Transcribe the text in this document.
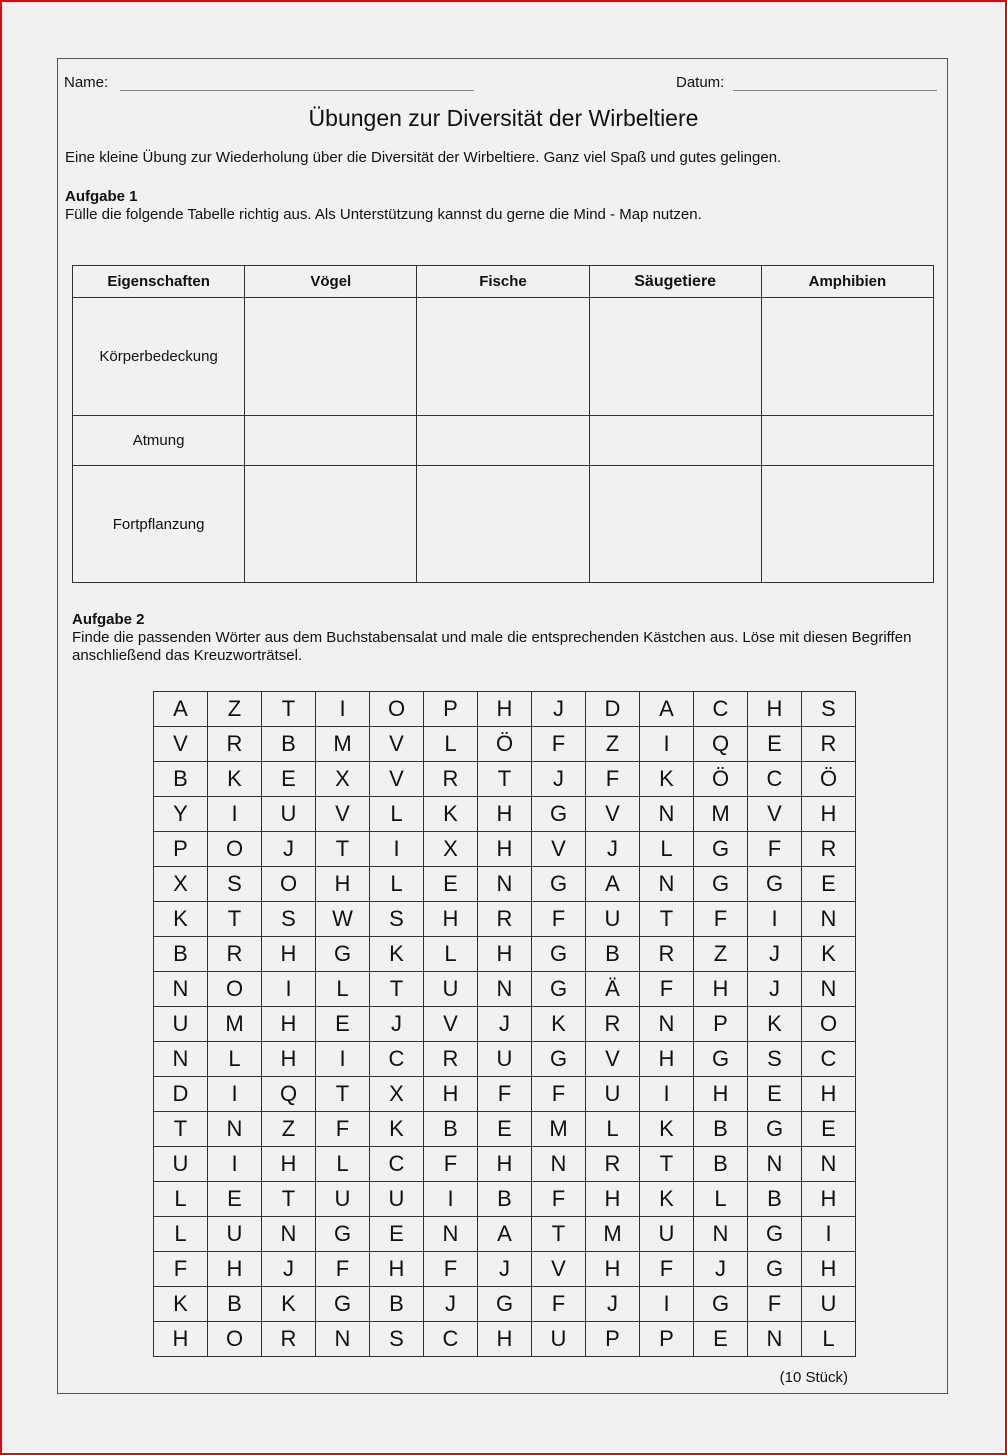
Name:	Datum:
Übungen zur Diversität der Wirbeltiere
Eine kleine Übung zur Wiederholung über die Diversität der Wirbeltiere. Ganz viel Spaß und gutes gelingen.
Aufgabe 1
Fülle die folgende Tabelle richtig aus. Als Unterstützung kannst du gerne die Mind - Map nutzen.
Eigenschaften	Vögel	Fische	Säugetiere	Amphibien
Körperbedeckung				
Atmung				
Fortpflanzung				
Aufgabe 2
Finde die passenden Wörter aus dem Buchstabensalat und male die entsprechenden Kästchen aus. Löse mit diesen Begriffen anschließend das Kreuzworträtsel.
A	Z	T	I	O	P	H	J	D	A	C	H	S
V	R	B	M	V	L	Ö	F	Z	I	Q	E	R
B	K	E	X	V	R	T	J	F	K	Ö	C	Ö
Y	I	U	V	L	K	H	G	V	N	M	V	H
P	O	J	T	I	X	H	V	J	L	G	F	R
X	S	O	H	L	E	N	G	A	N	G	G	E
K	T	S	W	S	H	R	F	U	T	F	I	N
B	R	H	G	K	L	H	G	B	R	Z	J	K
N	O	I	L	T	U	N	G	Ä	F	H	J	N
U	M	H	E	J	V	J	K	R	N	P	K	O
N	L	H	I	C	R	U	G	V	H	G	S	C
D	I	Q	T	X	H	F	F	U	I	H	E	H
T	N	Z	F	K	B	E	M	L	K	B	G	E
U	I	H	L	C	F	H	N	R	T	B	N	N
L	E	T	U	U	I	B	F	H	K	L	B	H
L	U	N	G	E	N	A	T	M	U	N	G	I
F	H	J	F	H	F	J	V	H	F	J	G	H
K	B	K	G	B	J	G	F	J	I	G	F	U
H	O	R	N	S	C	H	U	P	P	E	N	L
(10 Stück)
